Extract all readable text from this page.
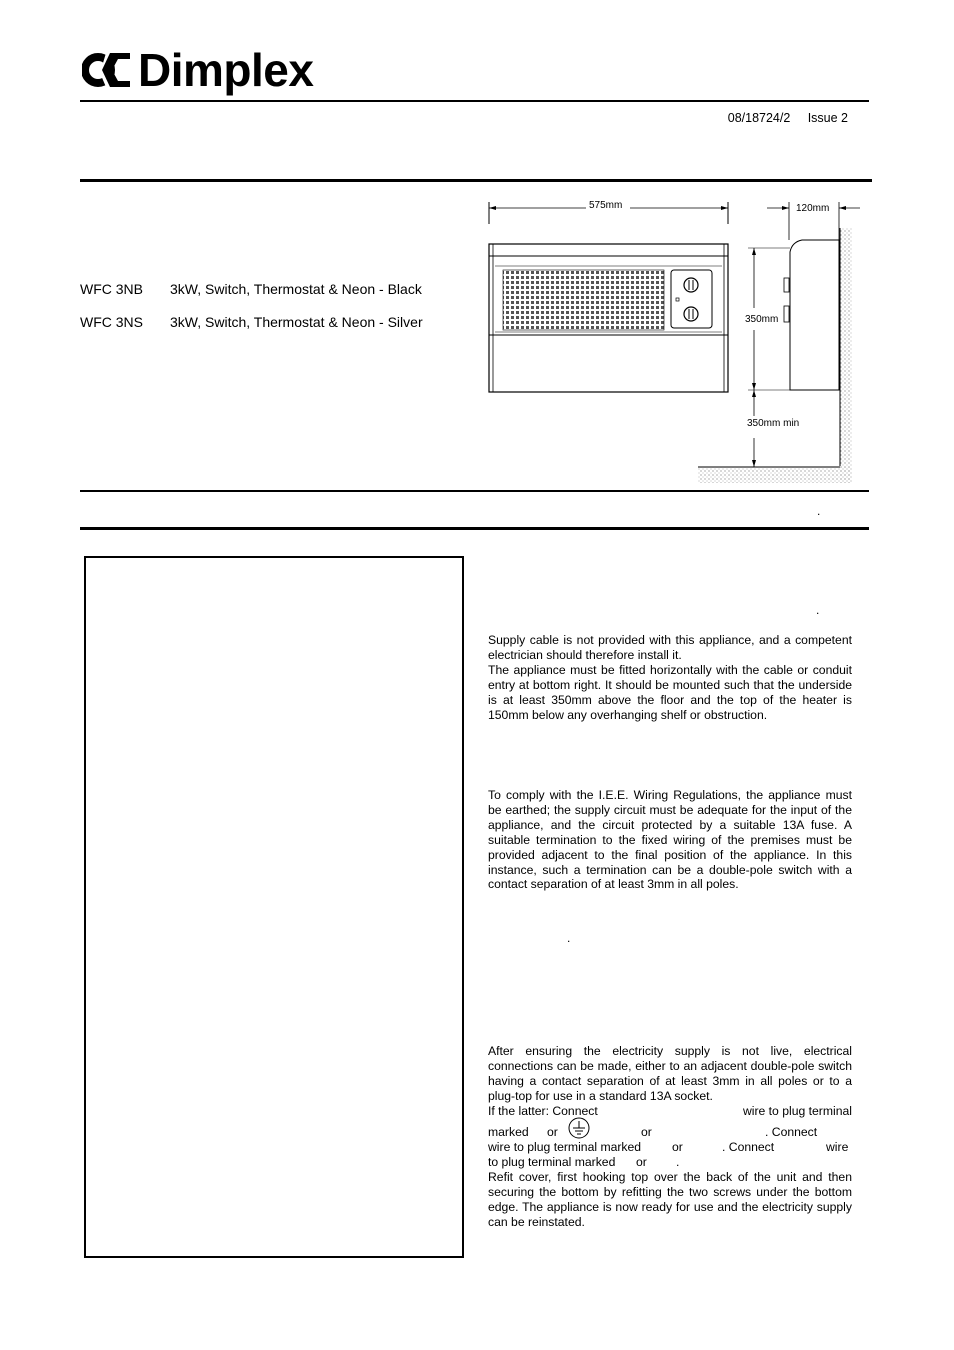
Dimplex
08/18724/2 Issue 2
WFC 3NB 3kW, Switch, Thermostat & Neon - Black
WFC 3NS 3kW, Switch, Thermostat & Neon - Silver
575mm	120mm
350mm
350mm min
.
.

Supply cable is not provided with this appliance, and a competent electrician should therefore install it.

The appliance must be fitted horizontally with the cable or conduit entry at bottom right. It should be mounted such that the underside is at least 350mm above the floor and the top of the heater is 150mm below any overhanging shelf or obstruction.

To comply with the I.E.E. Wiring Regulations, the appliance must be earthed; the supply circuit must be adequate for the input of the appliance, and the circuit protected by a suitable 13A fuse. A suitable termination to the fixed wiring of the premises must be provided adjacent to the final position of the appliance. In this instance, such a termination can be a double-pole switch with a contact separation of at least 3mm in all poles.

.

After ensuring the electricity supply is not live, electrical connections can be made, either to an adjacent double-pole switch having a contact separation of at least 3mm in all poles or to a plug-top for use in a standard 13A socket.

If the latter: Connect	wire to plug terminal
marked or	or	. Connect
wire to plug terminal marked	or	. Connect	wire
to plug terminal marked or .

Refit cover, first hooking top over the back of the unit and then securing the bottom by refitting the two screws under the bottom edge. The appliance is now ready for use and the electricity supply can be reinstated.
